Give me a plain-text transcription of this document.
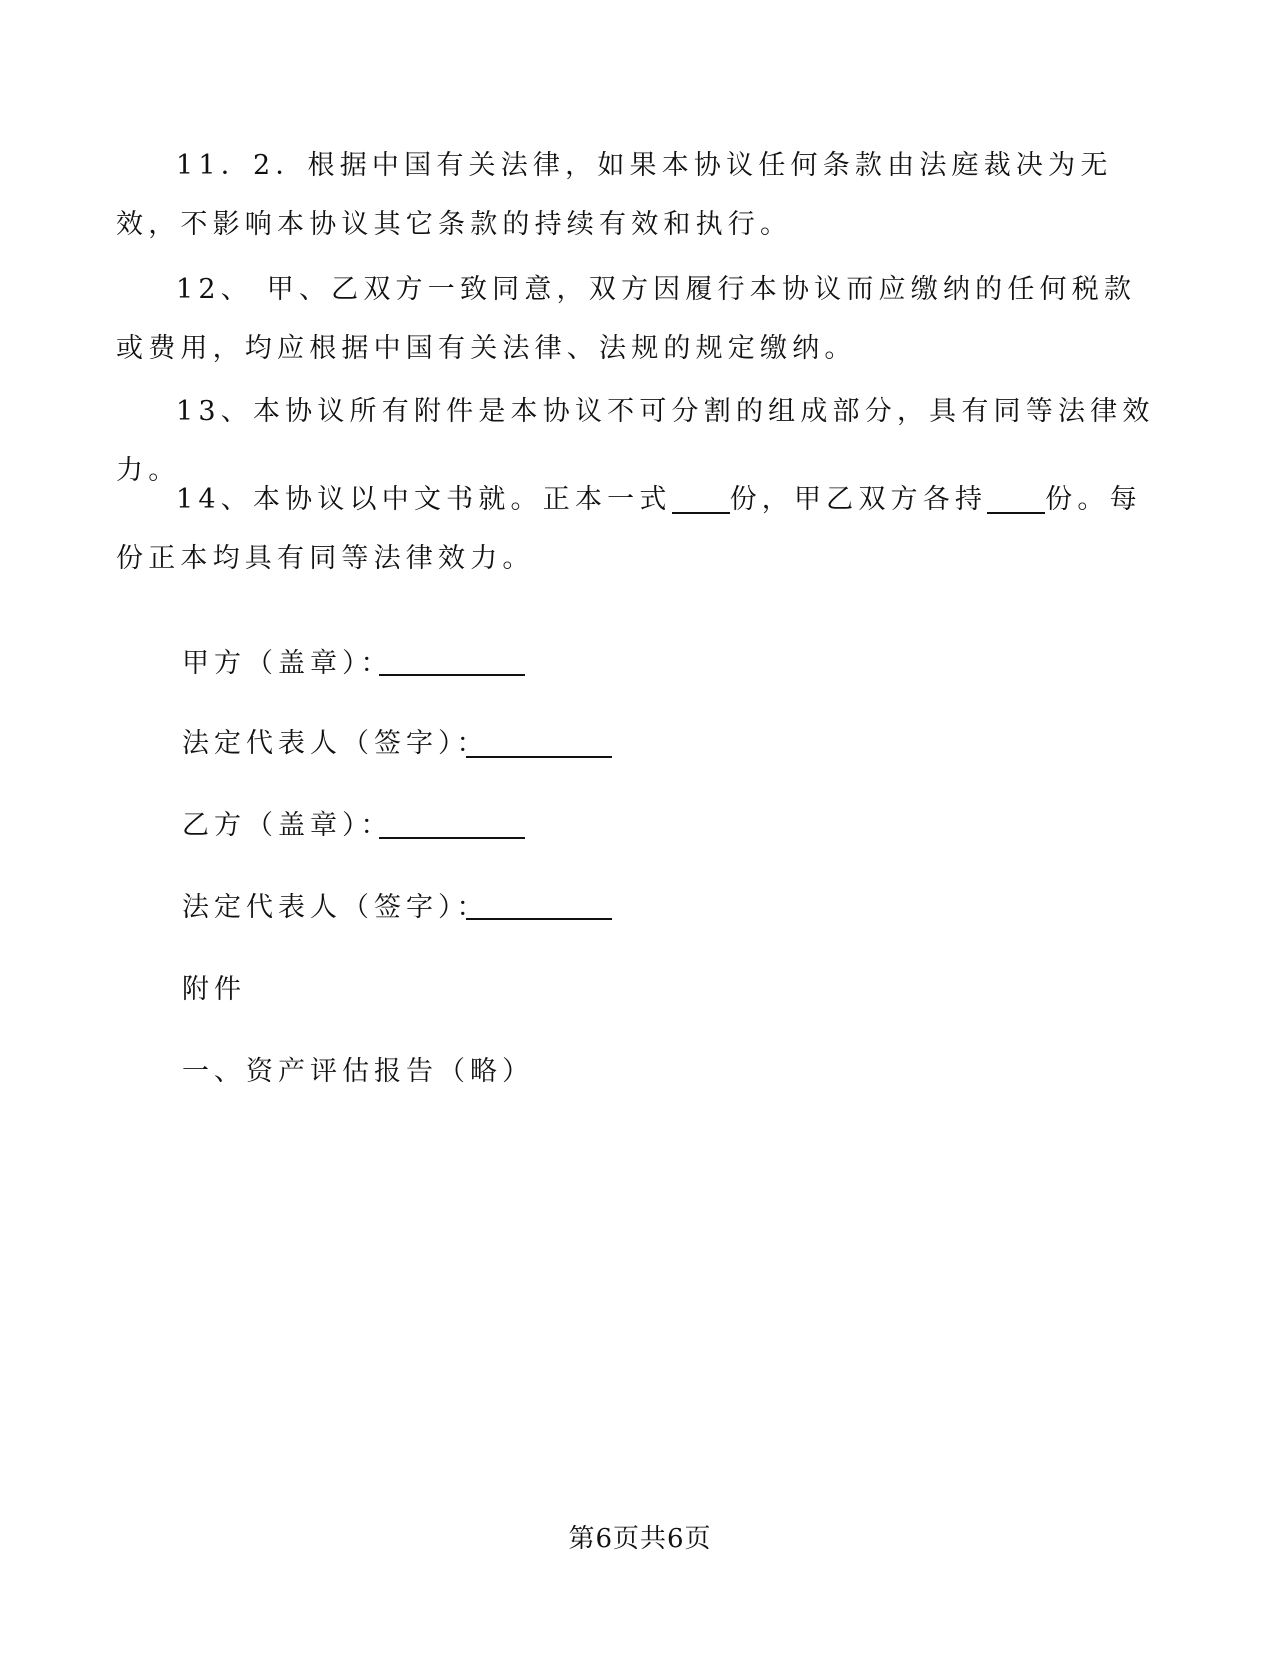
11．2．根据中国有关法律，如果本协议任何条款由法庭裁决为无效，不影响本协议其它条款的持续有效和执行。

12、 甲、乙双方一致同意，双方因履行本协议而应缴纳的任何税款或费用，均应根据中国有关法律、法规的规定缴纳。

13、本协议所有附件是本协议不可分割的组成部分，具有同等法律效力。

14、本协议以中文书就。正本一式 份，甲乙双方各持 份。每份正本均具有同等法律效力。

甲方（盖章）：
法定代表人（签字）：
乙方（盖章）：
法定代表人（签字）：
附件
一、资产评估报告（略）
第6页共6页
